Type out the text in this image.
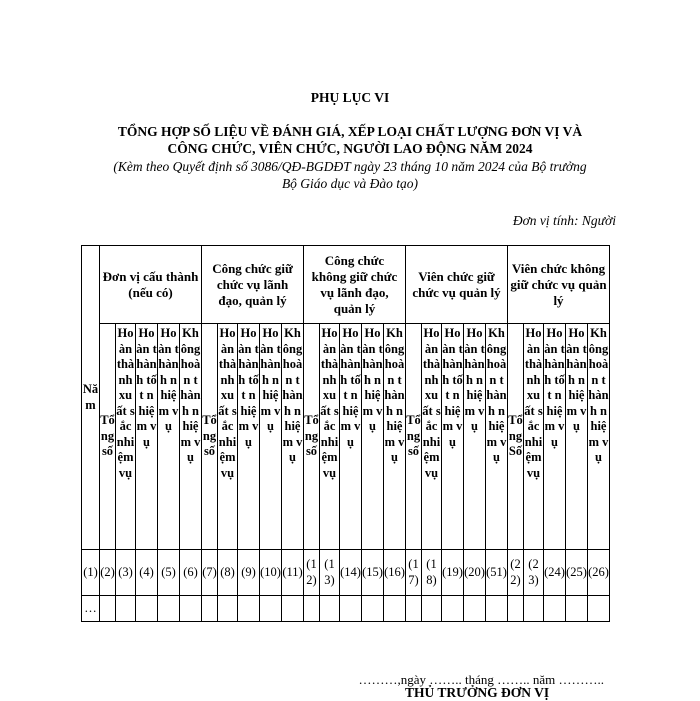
PHỤ LỤC VI
TỔNG HỢP SỐ LIỆU VỀ ĐÁNH GIÁ, XẾP LOẠI CHẤT LƯỢNG ĐƠN VỊ VÀ
CÔNG CHỨC, VIÊN CHỨC, NGƯỜI LAO ĐỘNG NĂM 2024
(Kèm theo Quyết định số 3086/QĐ-BGDĐT ngày 23 tháng 10 năm 2024 của Bộ trưởng
Bộ Giáo dục và Đào tạo)
Đơn vị tính: Người
Năm	Đơn vị cấu thành (nếu có)					Công chức giữ chức vụ lãnh đạo, quản lý					Công chức không giữ chức vụ lãnh đạo, quản lý					Viên chức giữ chức vụ quản lý					Viên chức không giữ chức vụ quản lý				
	Tổng số	Hoàn thành xuất sắc nhiệm vụ	Hoàn thành tốt nhiệm vụ	Hoàn thành nhiệm vụ	Không hoàn thành nhiệm vụ	Tổng số	Hoàn thành xuất sắc nhiệm vụ	Hoàn thành tốt nhiệm vụ	Hoàn thành nhiệm vụ	Không hoàn thành nhiệm vụ	Tổng số	Hoàn thành xuất sắc nhiệm vụ	Hoàn thành tốt nhiệm vụ	Hoàn thành nhiệm vụ	Không hoàn thành nhiệm vụ	Tổng số	Hoàn thành xuất sắc nhiệm vụ	Hoàn thành tốt nhiệm vụ	Hoàn thành nhiệm vụ	Không hoàn thành nhiệm vụ	Tổng Số	Hoàn thành xuất sắc nhiệm vụ	Hoàn thành tốt nhiệm vụ	Hoàn thành nhiệm vụ	Không hoàn thành nhiệm vụ
(1)	(2)	(3)	(4)	(5)	(6)	(7)	(8)	(9)	(10)	(11)	(12)	(13)	(14)	(15)	(16)	(17)	(18)	(19)	(20)	(51)	(22)	(23)	(24)	(25)	(26)
…																									
………,ngày …….. tháng …….. năm ………..
THỦ TRƯỞNG ĐƠN VỊ
